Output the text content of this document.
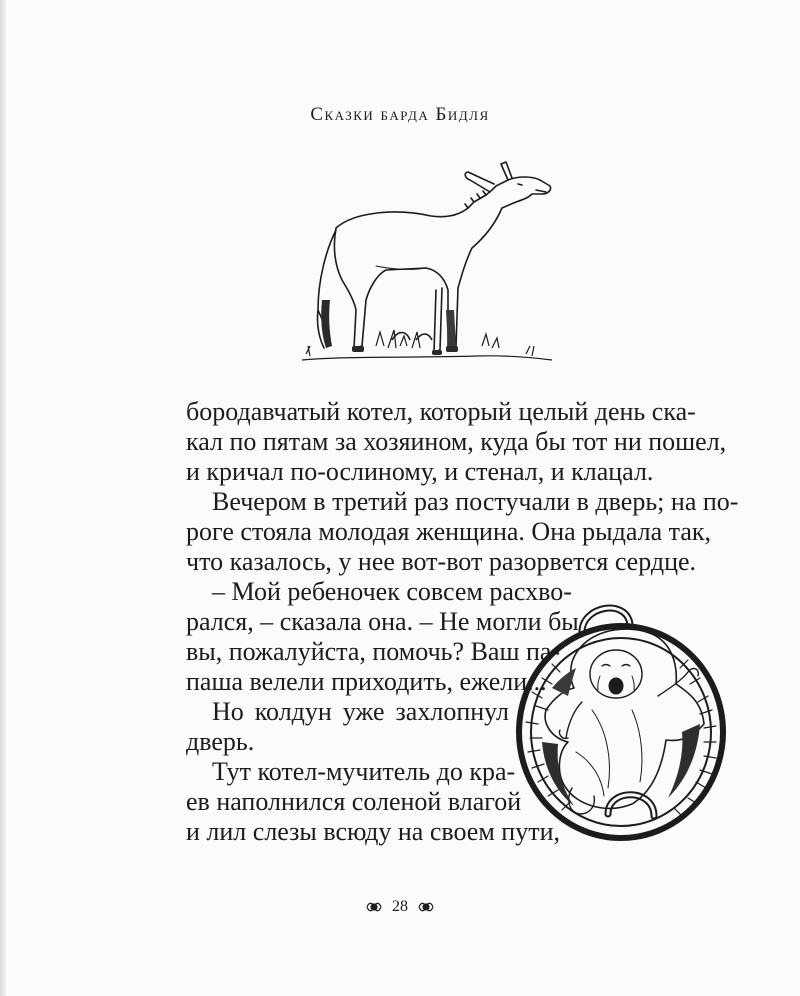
Сказки барда Бидля

бородавчатый котел, который целый день ска-

кал по пятам за хозяином, куда бы тот ни пошел,

и кричал по-ослиному, и стенал, и клацал.

Вечером в третий раз постучали в дверь; на по-

роге стояла молодая женщина. Она рыдала так,

что казалось, у нее вот-вот разорвется сердце.

– Мой ребеночек совсем расхво-

рался, – сказала она. – Не могли бы

вы, пожалуйста, помочь? Ваш па-

паша велели приходить, ежели...

Но колдун уже захлопнул

дверь.

Тут котел-мучитель до кра-

ев наполнился соленой влагой

и лил слезы всюду на своем пути,

28
